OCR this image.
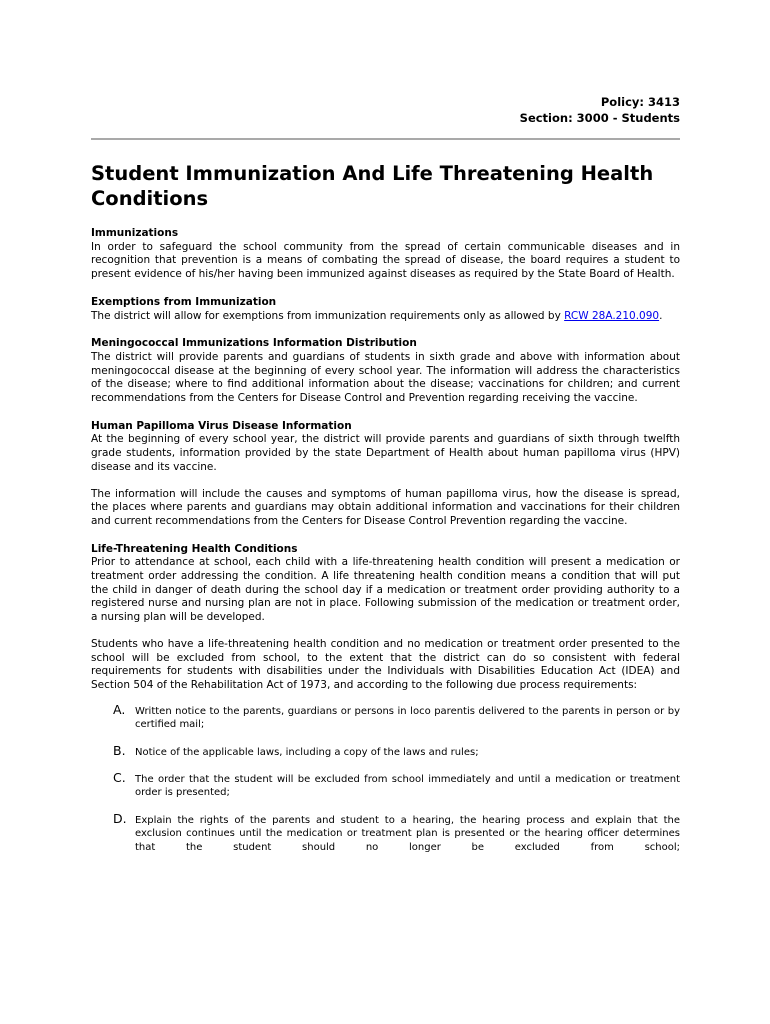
Policy: 3413
Section: 3000 - Students
Student Immunization And Life Threatening Health Conditions
Immunizations

In order to safeguard the school community from the spread of certain communicable diseases and in recognition that prevention is a means of combating the spread of disease, the board requires a student to present evidence of his/her having been immunized against diseases as required by the State Board of Health.

Exemptions from Immunization

The district will allow for exemptions from immunization requirements only as allowed by RCW 28A.210.090.

Meningococcal Immunizations Information Distribution

The district will provide parents and guardians of students in sixth grade and above with information about meningococcal disease at the beginning of every school year. The information will address the characteristics of the disease; where to find additional information about the disease; vaccinations for children; and current recommendations from the Centers for Disease Control and Prevention regarding receiving the vaccine.

Human Papilloma Virus Disease Information

At the beginning of every school year, the district will provide parents and guardians of sixth through twelfth grade students, information provided by the state Department of Health about human papilloma virus (HPV) disease and its vaccine.

The information will include the causes and symptoms of human papilloma virus, how the disease is spread, the places where parents and guardians may obtain additional information and vaccinations for their children and current recommendations from the Centers for Disease Control Prevention regarding the vaccine.

Life-Threatening Health Conditions

Prior to attendance at school, each child with a life-threatening health condition will present a medication or treatment order addressing the condition. A life threatening health condition means a condition that will put the child in danger of death during the school day if a medication or treatment order providing authority to a registered nurse and nursing plan are not in place. Following submission of the medication or treatment order, a nursing plan will be developed.

Students who have a life-threatening health condition and no medication or treatment order presented to the school will be excluded from school, to the extent that the district can do so consistent with federal requirements for students with disabilities under the Individuals with Disabilities Education Act (IDEA) and Section 504 of the Rehabilitation Act of 1973, and according to the following due process requirements:

A. Written notice to the parents, guardians or persons in loco parentis delivered to the parents in person or by certified mail;
B. Notice of the applicable laws, including a copy of the laws and rules;
C. The order that the student will be excluded from school immediately and until a medication or treatment order is presented;
D. Explain the rights of the parents and student to a hearing, the hearing process and explain that the exclusion continues until the medication or treatment plan is presented or the hearing officer determines that the student should no longer be excluded from school;
